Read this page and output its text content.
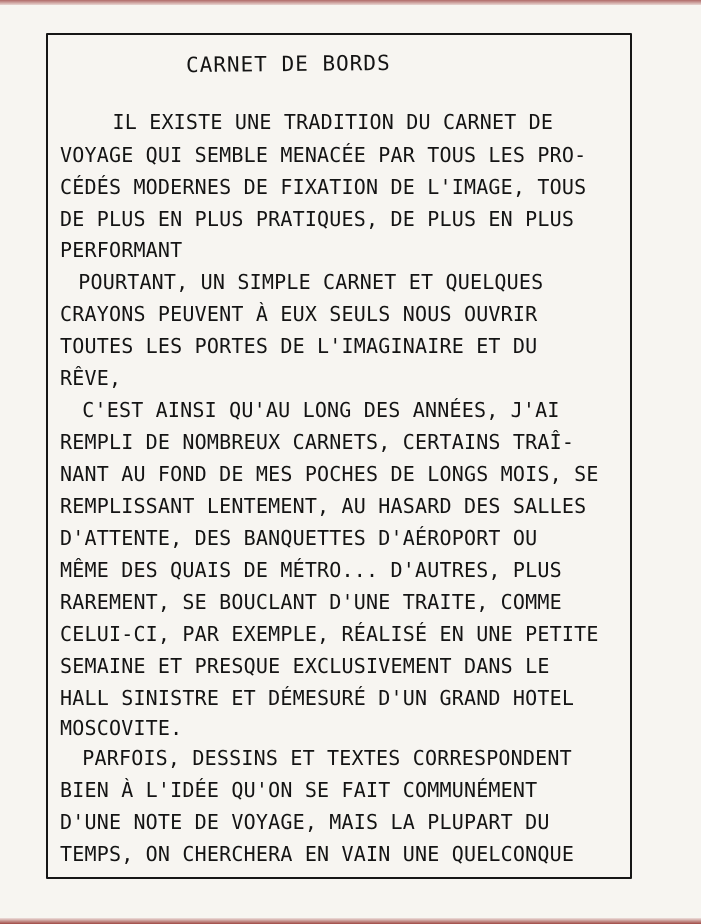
CARNET DE BORDS
IL EXISTE UNE TRADITION DU CARNET DE
VOYAGE QUI SEMBLE MENACÉE PAR TOUS LES PRO-
CÉDÉS MODERNES DE FIXATION DE L'IMAGE, TOUS
DE PLUS EN PLUS PRATIQUES, DE PLUS EN PLUS
PERFORMANT
POURTANT, UN SIMPLE CARNET ET QUELQUES
CRAYONS PEUVENT À EUX SEULS NOUS OUVRIR
TOUTES LES PORTES DE L'IMAGINAIRE ET DU
RÊVE,
C'EST AINSI QU'AU LONG DES ANNÉES, J'AI
REMPLI DE NOMBREUX CARNETS, CERTAINS TRAÎ-
NANT AU FOND DE MES POCHES DE LONGS MOIS, SE
REMPLISSANT LENTEMENT, AU HASARD DES SALLES
D'ATTENTE, DES BANQUETTES D'AÉROPORT OU
MÊME DES QUAIS DE MÉTRO... D'AUTRES, PLUS
RAREMENT, SE BOUCLANT D'UNE TRAITE, COMME
CELUI-CI, PAR EXEMPLE, RÉALISÉ EN UNE PETITE
SEMAINE ET PRESQUE EXCLUSIVEMENT DANS LE
HALL SINISTRE ET DÉMESURÉ D'UN GRAND HOTEL
MOSCOVITE.
PARFOIS, DESSINS ET TEXTES CORRESPONDENT
BIEN À L'IDÉE QU'ON SE FAIT COMMUNÉMENT
D'UNE NOTE DE VOYAGE, MAIS LA PLUPART DU
TEMPS, ON CHERCHERA EN VAIN UNE QUELCONQUE
